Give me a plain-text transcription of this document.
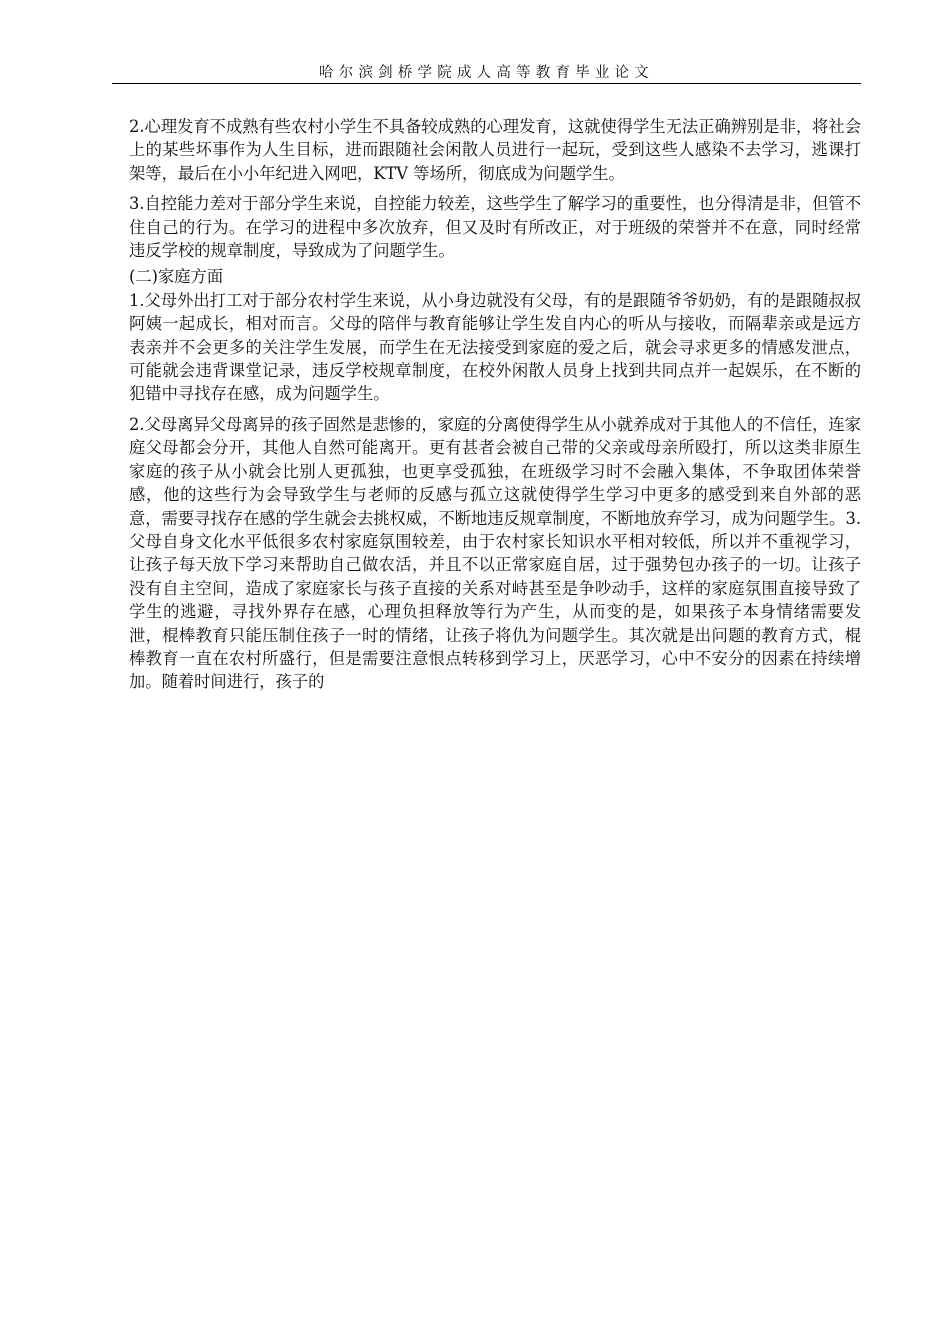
哈尔滨剑桥学院成人高等教育毕业论文

2.心理发育不成熟有些农村小学生不具备较成熟的心理发育，这就使得学生无法正确辨别是非，将社会上的某些坏事作为人生目标，进而跟随社会闲散人员进行一起玩，受到这些人感染不去学习，逃课打架等，最后在小小年纪进入网吧，KTV 等场所，彻底成为问题学生。

3.自控能力差对于部分学生来说，自控能力较差，这些学生了解学习的重要性，也分得清是非，但管不住自己的行为。在学习的进程中多次放弃，但又及时有所改正，对于班级的荣誉并不在意，同时经常违反学校的规章制度，导致成为了问题学生。

(二)家庭方面

1.父母外出打工对于部分农村学生来说，从小身边就没有父母，有的是跟随爷爷奶奶，有的是跟随叔叔阿姨一起成长，相对而言。父母的陪伴与教育能够让学生发自内心的听从与接收，而隔辈亲或是远方表亲并不会更多的关注学生发展，而学生在无法接受到家庭的爱之后，就会寻求更多的情感发泄点，可能就会违背课堂记录，违反学校规章制度，在校外闲散人员身上找到共同点并一起娱乐，在不断的犯错中寻找存在感，成为问题学生。

2.父母离异父母离异的孩子固然是悲惨的，家庭的分离使得学生从小就养成对于其他人的不信任，连家庭父母都会分开，其他人自然可能离开。更有甚者会被自己带的父亲或母亲所殴打，所以这类非原生家庭的孩子从小就会比别人更孤独，也更享受孤独，在班级学习时不会融入集体，不争取团体荣誉感，他的这些行为会导致学生与老师的反感与孤立这就使得学生学习中更多的感受到来自外部的恶意，需要寻找存在感的学生就会去挑权威，不断地违反规章制度，不断地放弃学习，成为问题学生。3.父母自身文化水平低很多农村家庭氛围较差，由于农村家长知识水平相对较低，所以并不重视学习，让孩子每天放下学习来帮助自己做农活，并且不以正常家庭自居，过于强势包办孩子的一切。让孩子没有自主空间，造成了家庭家长与孩子直接的关系对峙甚至是争吵动手，这样的家庭氛围直接导致了学生的逃避，寻找外界存在感，心理负担释放等行为产生，从而变的是，如果孩子本身情绪需要发泄，棍棒教育只能压制住孩子一时的情绪，让孩子将仇为问题学生。其次就是出问题的教育方式，棍棒教育一直在农村所盛行，但是需要注意恨点转移到学习上，厌恶学习，心中不安分的因素在持续增加。随着时间进行，孩子的
